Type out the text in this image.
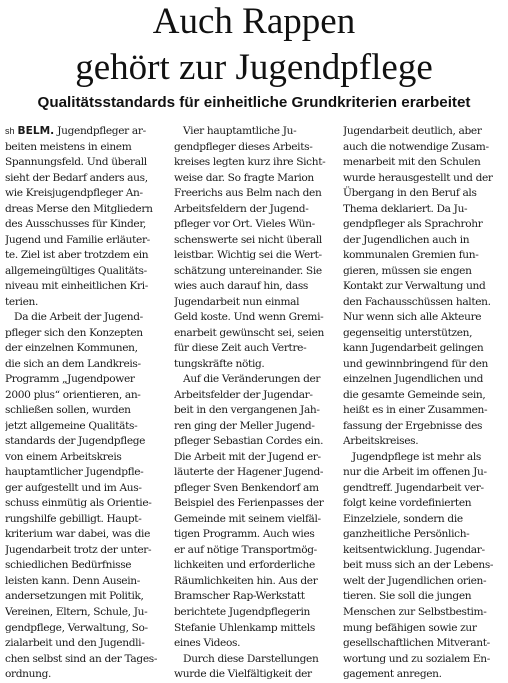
Auch Rappen
gehört zur Jugendpflege
Qualitätsstandards für einheitliche Grundkriterien erarbeitet
sh BELM. Jugendpfleger ar-
beiten meistens in einem
Spannungsfeld. Und überall
sieht der Bedarf anders aus,
wie Kreisjugendpfleger An-
dreas Merse den Mitgliedern
des Ausschusses für Kinder,
Jugend und Familie erläuter-
te. Ziel ist aber trotzdem ein
allgemeingültiges Qualitäts-
niveau mit einheitlichen Kri-
terien.
Da die Arbeit der Jugend-
pfleger sich den Konzepten
der einzelnen Kommunen,
die sich an dem Landkreis-
Programm „Jugendpower
2000 plus“ orientieren, an-
schließen sollen, wurden
jetzt allgemeine Qualitäts-
standards der Jugendpflege
von einem Arbeitskreis
hauptamtlicher Jugendpfle-
ger aufgestellt und im Aus-
schuss einmütig als Orientie-
rungshilfe gebilligt. Haupt-
kriterium war dabei, was die
Jugendarbeit trotz der unter-
schiedlichen Bedürfnisse
leisten kann. Denn Ausein-
andersetzungen mit Politik,
Vereinen, Eltern, Schule, Ju-
gendpflege, Verwaltung, So-
zialarbeit und den Jugendli-
chen selbst sind an der Tages-
ordnung.
Vier hauptamtliche Ju-
gendpfleger dieses Arbeits-
kreises legten kurz ihre Sicht-
weise dar. So fragte Marion
Freerichs aus Belm nach den
Arbeitsfeldern der Jugend-
pfleger vor Ort. Vieles Wün-
schenswerte sei nicht überall
leistbar. Wichtig sei die Wert-
schätzung untereinander. Sie
wies auch darauf hin, dass
Jugendarbeit nun einmal
Geld koste. Und wenn Gremi-
enarbeit gewünscht sei, seien
für diese Zeit auch Vertre-
tungskräfte nötig.
Auf die Veränderungen der
Arbeitsfelder der Jugendar-
beit in den vergangenen Jah-
ren ging der Meller Jugend-
pfleger Sebastian Cordes ein.
Die Arbeit mit der Jugend er-
läuterte der Hagener Jugend-
pfleger Sven Benkendorf am
Beispiel des Ferienpasses der
Gemeinde mit seinem vielfäl-
tigen Programm. Auch wies
er auf nötige Transportmög-
lichkeiten und erforderliche
Räumlichkeiten hin. Aus der
Bramscher Rap-Werkstatt
berichtete Jugendpflegerin
Stefanie Uhlenkamp mittels
eines Videos.
Durch diese Darstellungen
wurde die Vielfältigkeit der
Jugendarbeit deutlich, aber
auch die notwendige Zusam-
menarbeit mit den Schulen
wurde herausgestellt und der
Übergang in den Beruf als
Thema deklariert. Da Ju-
gendpfleger als Sprachrohr
der Jugendlichen auch in
kommunalen Gremien fun-
gieren, müssen sie engen
Kontakt zur Verwaltung und
den Fachausschüssen halten.
Nur wenn sich alle Akteure
gegenseitig unterstützen,
kann Jugendarbeit gelingen
und gewinnbringend für den
einzelnen Jugendlichen und
die gesamte Gemeinde sein,
heißt es in einer Zusammen-
fassung der Ergebnisse des
Arbeitskreises.
Jugendpflege ist mehr als
nur die Arbeit im offenen Ju-
gendtreff. Jugendarbeit ver-
folgt keine vordefinierten
Einzelziele, sondern die
ganzheitliche Persönlich-
keitsentwicklung. Jugendar-
beit muss sich an der Lebens-
welt der Jugendlichen orien-
tieren. Sie soll die jungen
Menschen zur Selbstbestim-
mung befähigen sowie zur
gesellschaftlichen Mitverant-
wortung und zu sozialem En-
gagement anregen.
